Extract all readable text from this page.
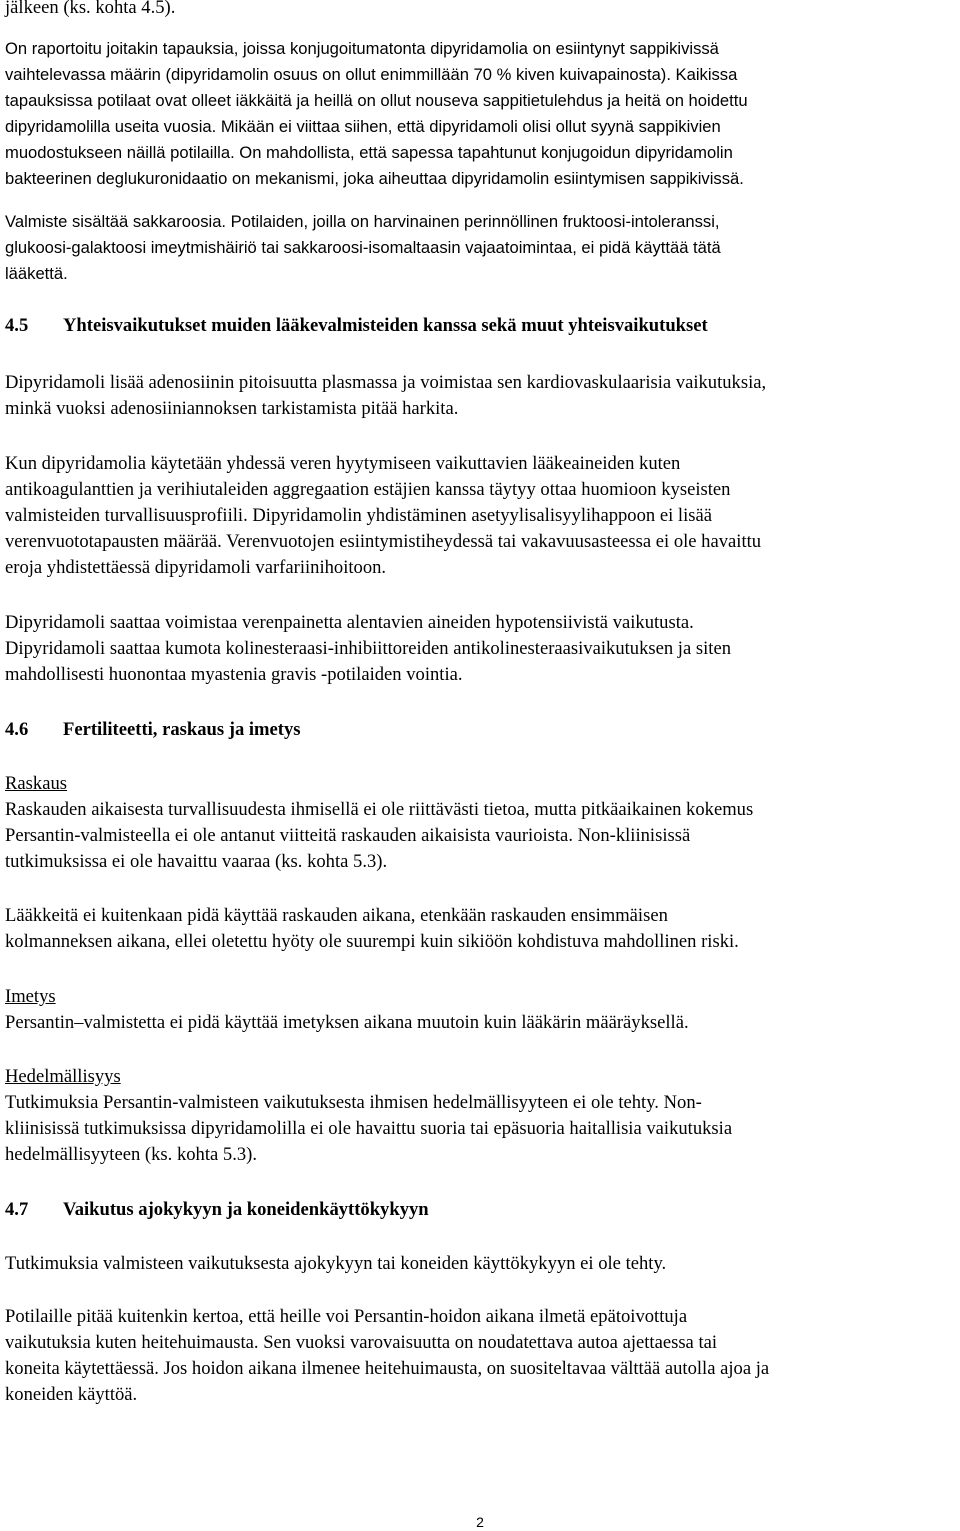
jälkeen (ks. kohta 4.5).
On raportoitu joitakin tapauksia, joissa konjugoitumatonta dipyridamolia on esiintynyt sappikivissä
vaihtelevassa määrin (dipyridamolin osuus on ollut enimmillään 70 % kiven kuivapainosta). Kaikissa
tapauksissa potilaat ovat olleet iäkkäitä ja heillä on ollut nouseva sappitietulehdus ja heitä on hoidettu
dipyridamolilla useita vuosia. Mikään ei viittaa siihen, että dipyridamoli olisi ollut syynä sappikivien
muodostukseen näillä potilailla. On mahdollista, että sapessa tapahtunut konjugoidun dipyridamolin
bakteerinen deglukuronidaatio on mekanismi, joka aiheuttaa dipyridamolin esiintymisen sappikivissä.
Valmiste sisältää sakkaroosia. Potilaiden, joilla on harvinainen perinnöllinen fruktoosi-intoleranssi,
glukoosi-galaktoosi imeytmishäiriö tai sakkaroosi-isomaltaasin vajaatoimintaa, ei pidä käyttää tätä
lääkettä.
4.5 Yhteisvaikutukset muiden lääkevalmisteiden kanssa sekä muut yhteisvaikutukset
Dipyridamoli lisää adenosiinin pitoisuutta plasmassa ja voimistaa sen kardiovaskulaarisia vaikutuksia,
minkä vuoksi adenosiiniannoksen tarkistamista pitää harkita.
Kun dipyridamolia käytetään yhdessä veren hyytymiseen vaikuttavien lääkeaineiden kuten
antikoagulanttien ja verihiutaleiden aggregaation estäjien kanssa täytyy ottaa huomioon kyseisten
valmisteiden turvallisuusprofiili. Dipyridamolin yhdistäminen asetyylisalisyylihappoon ei lisää
verenvuototapausten määrää. Verenvuotojen esiintymistiheydessä tai vakavuusasteessa ei ole havaittu
eroja yhdistettäessä dipyridamoli varfariinihoitoon.
Dipyridamoli saattaa voimistaa verenpainetta alentavien aineiden hypotensiivistä vaikutusta.
Dipyridamoli saattaa kumota kolinesteraasi-inhibiittoreiden antikolinesteraasivaikutuksen ja siten
mahdollisesti huonontaa myastenia gravis -potilaiden vointia.
4.6 Fertiliteetti, raskaus ja imetys
Raskaus
Raskauden aikaisesta turvallisuudesta ihmisellä ei ole riittävästi tietoa, mutta pitkäaikainen kokemus
Persantin-valmisteella ei ole antanut viitteitä raskauden aikaisista vaurioista. Non-kliinisissä
tutkimuksissa ei ole havaittu vaaraa (ks. kohta 5.3).
Lääkkeitä ei kuitenkaan pidä käyttää raskauden aikana, etenkään raskauden ensimmäisen
kolmanneksen aikana, ellei oletettu hyöty ole suurempi kuin sikiöön kohdistuva mahdollinen riski.
Imetys
Persantin–valmistetta ei pidä käyttää imetyksen aikana muutoin kuin lääkärin määräyksellä.
Hedelmällisyys
Tutkimuksia Persantin-valmisteen vaikutuksesta ihmisen hedelmällisyyteen ei ole tehty. Non-
kliinisissä tutkimuksissa dipyridamolilla ei ole havaittu suoria tai epäsuoria haitallisia vaikutuksia
hedelmällisyyteen (ks. kohta 5.3).
4.7 Vaikutus ajokykyyn ja koneidenkäyttökykyyn
Tutkimuksia valmisteen vaikutuksesta ajokykyyn tai koneiden käyttökykyyn ei ole tehty.
Potilaille pitää kuitenkin kertoa, että heille voi Persantin-hoidon aikana ilmetä epätoivottuja
vaikutuksia kuten heitehuimausta. Sen vuoksi varovaisuutta on noudatettava autoa ajettaessa tai
koneita käytettäessä. Jos hoidon aikana ilmenee heitehuimausta, on suositeltavaa välttää autolla ajoa ja
koneiden käyttöä.
2
